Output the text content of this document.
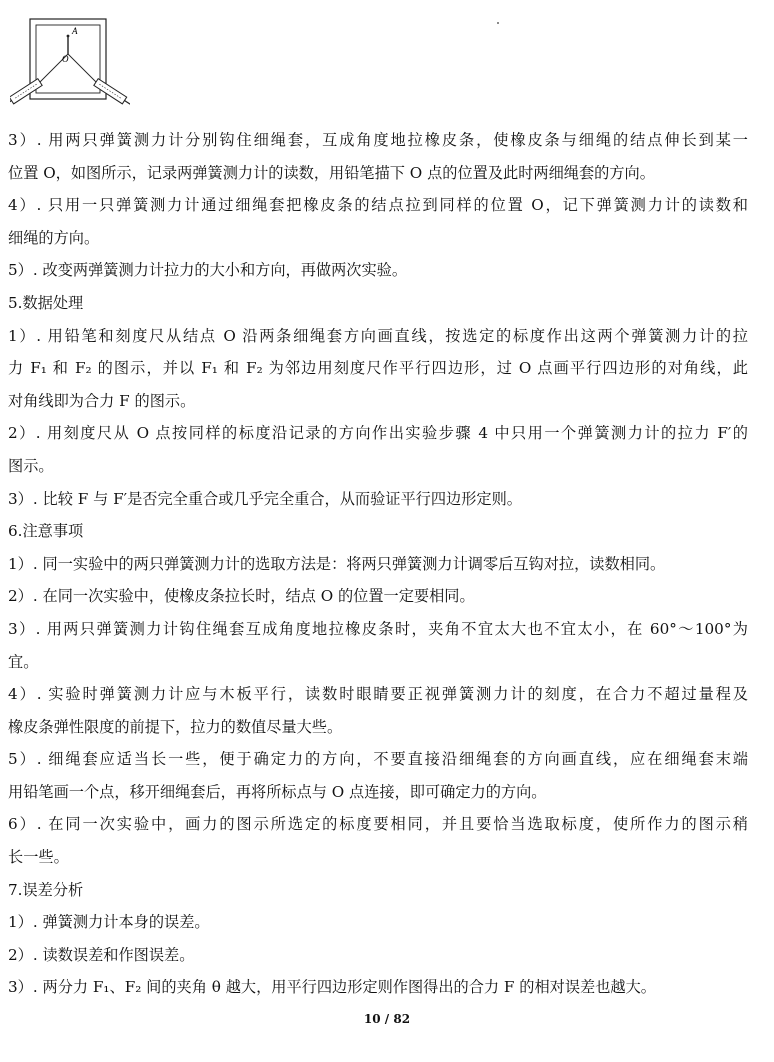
A
O
3）. 用两只弹簧测力计分别钩住细绳套，互成角度地拉橡皮条，使橡皮条与细绳的结点伸长到某一
位置 O，如图所示，记录两弹簧测力计的读数，用铅笔描下 O 点的位置及此时两细绳套的方向。
4）. 只用一只弹簧测力计通过细绳套把橡皮条的结点拉到同样的位置 O，记下弹簧测力计的读数和
细绳的方向。
5）. 改变两弹簧测力计拉力的大小和方向，再做两次实验。
5.数据处理
1）. 用铅笔和刻度尺从结点 O 沿两条细绳套方向画直线，按选定的标度作出这两个弹簧测力计的拉
力 F₁ 和 F₂ 的图示，并以 F₁ 和 F₂ 为邻边用刻度尺作平行四边形，过 O 点画平行四边形的对角线，此
对角线即为合力 F 的图示。
2）. 用刻度尺从 O 点按同样的标度沿记录的方向作出实验步骤 4 中只用一个弹簧测力计的拉力 F′的
图示。
3）. 比较 F 与 F′是否完全重合或几乎完全重合，从而验证平行四边形定则。
6.注意事项
1）. 同一实验中的两只弹簧测力计的选取方法是：将两只弹簧测力计调零后互钩对拉，读数相同。
2）. 在同一次实验中，使橡皮条拉长时，结点 O 的位置一定要相同。
3）. 用两只弹簧测力计钩住绳套互成角度地拉橡皮条时，夹角不宜太大也不宜太小，在 60°～100°为
宜。
4）. 实验时弹簧测力计应与木板平行，读数时眼睛要正视弹簧测力计的刻度，在合力不超过量程及
橡皮条弹性限度的前提下，拉力的数值尽量大些。
5）. 细绳套应适当长一些，便于确定力的方向，不要直接沿细绳套的方向画直线，应在细绳套末端
用铅笔画一个点，移开细绳套后，再将所标点与 O 点连接，即可确定力的方向。
6）. 在同一次实验中，画力的图示所选定的标度要相同，并且要恰当选取标度，使所作力的图示稍
长一些。
7.误差分析
1）. 弹簧测力计本身的误差。
2）. 读数误差和作图误差。
3）. 两分力 F₁、F₂ 间的夹角 θ 越大，用平行四边形定则作图得出的合力 F 的相对误差也越大。
10 / 82
